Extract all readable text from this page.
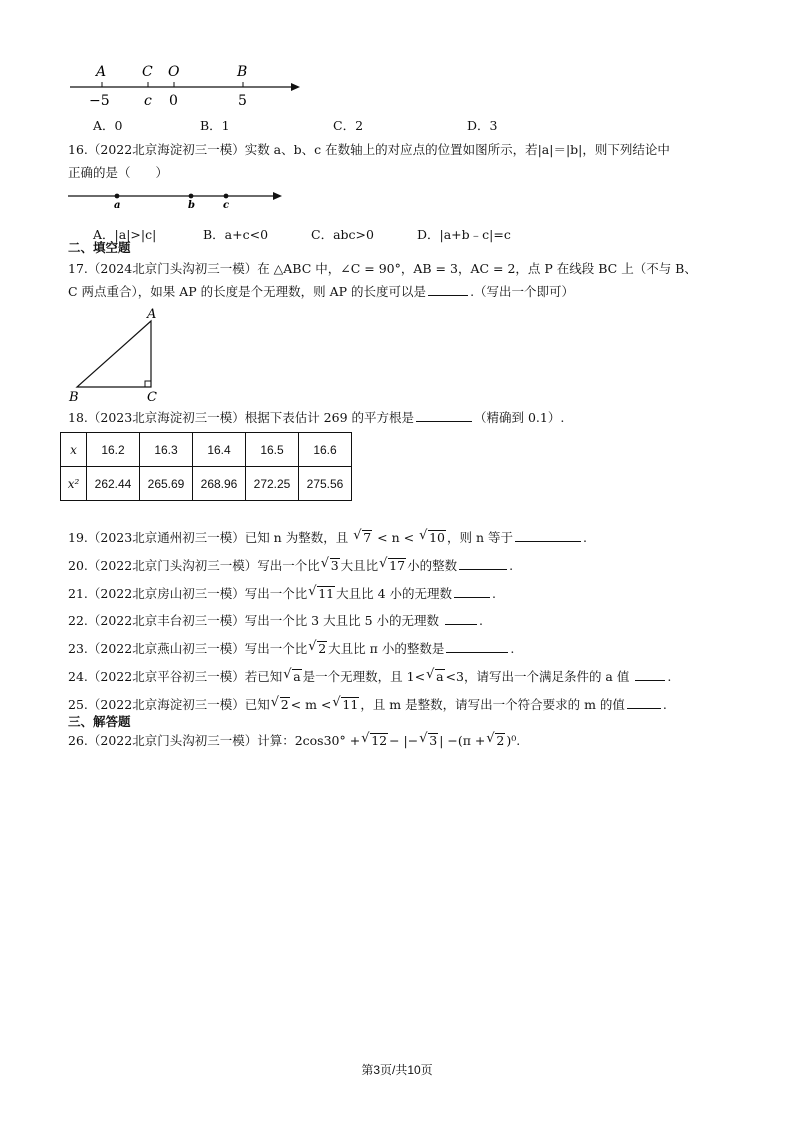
A	C O	B
−5 c 0	5
A．0	B．1	C．2	D．3
16.（2022北京海淀初三一模）实数 a、b、c 在数轴上的对应点的位置如图所示，若|a|＝|b|，则下列结论中
正确的是（　　）
a	b	c
A．|a|>|c|	B．a+c<0	C．abc>0	D．|a+b﹣c|=c
二、填空题
17.（2024北京门头沟初三一模）在 △ABC 中，∠C = 90°，AB = 3，AC = 2，点 P 在线段 BC 上（不与 B、
C 两点重合），如果 AP 的长度是个无理数，则 AP 的长度可以是	.（写出一个即可）
A
B	C
18.（2023北京海淀初三一模）根据下表估计 269 的平方根是	（精确到 0.1）.
x	16.2	16.3	16.4	16.5	16.6
x²	262.44	265.69	268.96	272.25	275.56
19.（2023北京通州初三一模）已知 n 为整数，且 √ 7 < n < √ 10 ，则 n 等于	.
20.（2022北京门头沟初三一模）写出一个比 √ 3 大且比 √ 17 小的整数	.
21.（2022北京房山初三一模）写出一个比 √ 11 大且比 4 小的无理数	.
22.（2022北京丰台初三一模）写出一个比 3 大且比 5 小的无理数	.
23.（2022北京燕山初三一模）写出一个比 √ 2 大且比 π 小的整数是	.
24.（2022北京平谷初三一模）若已知 √ a 是一个无理数，且 1< √ a <3，请写出一个满足条件的 a 值	.
25.（2022北京海淀初三一模）已知 √ 2 < m < √ 11 ，且 m 是整数，请写出一个符合要求的 m 的值	.
三、解答题
26.（2022北京门头沟初三一模）计算：2cos30° + √ 12 − |− √ 3 | −(π + √ 2 )⁰.
第3页/共10页
